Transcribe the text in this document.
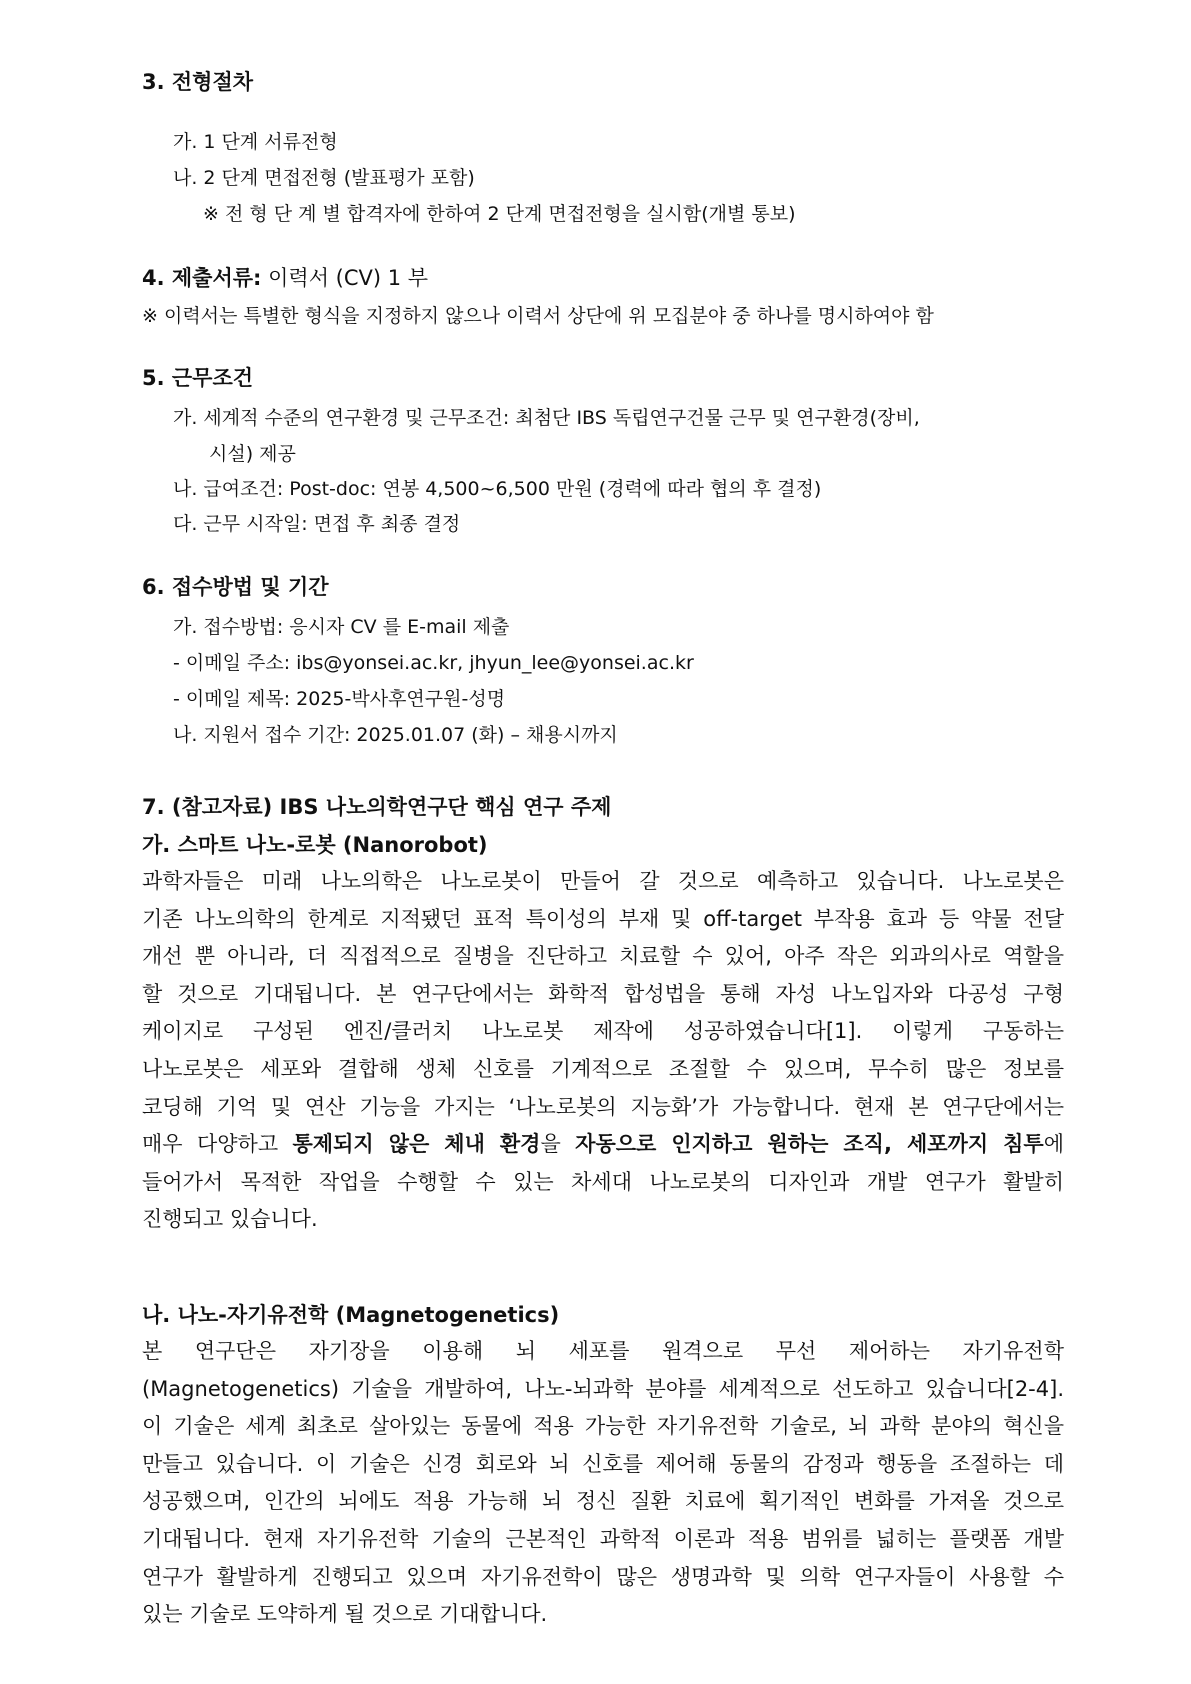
3. 전형절차
가. 1 단계 서류전형
나. 2 단계 면접전형 (발표평가 포함)
※ 전 형 단 계 별 합격자에 한하여 2 단계 면접전형을 실시함(개별 통보)
4. 제출서류: 이력서 (CV) 1 부
※ 이력서는 특별한 형식을 지정하지 않으나 이력서 상단에 위 모집분야 중 하나를 명시하여야 함
5. 근무조건
가. 세계적 수준의 연구환경 및 근무조건: 최첨단 IBS 독립연구건물 근무 및 연구환경(장비,
시설) 제공
나. 급여조건: Post-doc: 연봉 4,500~6,500 만원 (경력에 따라 협의 후 결정)
다. 근무 시작일: 면접 후 최종 결정
6. 접수방법 및 기간
가. 접수방법: 응시자 CV 를 E-mail 제출
- 이메일 주소: ibs@yonsei.ac.kr, jhyun_lee@yonsei.ac.kr
- 이메일 제목: 2025-박사후연구원-성명
나. 지원서 접수 기간: 2025.01.07 (화) – 채용시까지
7. (참고자료) IBS 나노의학연구단 핵심 연구 주제
가. 스마트 나노-로봇 (Nanorobot)
과학자들은 미래 나노의학은 나노로봇이 만들어 갈 것으로 예측하고 있습니다. 나노로봇은
기존 나노의학의 한계로 지적됐던 표적 특이성의 부재 및 off-target 부작용 효과 등 약물 전달
개선 뿐 아니라, 더 직접적으로 질병을 진단하고 치료할 수 있어, 아주 작은 외과의사로 역할을
할 것으로 기대됩니다. 본 연구단에서는 화학적 합성법을 통해 자성 나노입자와 다공성 구형
케이지로 구성된 엔진/클러치 나노로봇 제작에 성공하였습니다[1]. 이렇게 구동하는
나노로봇은 세포와 결합해 생체 신호를 기계적으로 조절할 수 있으며, 무수히 많은 정보를
코딩해 기억 및 연산 기능을 가지는 ‘나노로봇의 지능화’가 가능합니다. 현재 본 연구단에서는
매우 다양하고 통제되지 않은 체내 환경을 자동으로 인지하고 원하는 조직, 세포까지 침투에
들어가서 목적한 작업을 수행할 수 있는 차세대 나노로봇의 디자인과 개발 연구가 활발히
진행되고 있습니다.
나. 나노-자기유전학 (Magnetogenetics)
본 연구단은 자기장을 이용해 뇌 세포를 원격으로 무선 제어하는 자기유전학
(Magnetogenetics) 기술을 개발하여, 나노-뇌과학 분야를 세계적으로 선도하고 있습니다[2-4].
이 기술은 세계 최초로 살아있는 동물에 적용 가능한 자기유전학 기술로, 뇌 과학 분야의 혁신을
만들고 있습니다. 이 기술은 신경 회로와 뇌 신호를 제어해 동물의 감정과 행동을 조절하는 데
성공했으며, 인간의 뇌에도 적용 가능해 뇌 정신 질환 치료에 획기적인 변화를 가져올 것으로
기대됩니다. 현재 자기유전학 기술의 근본적인 과학적 이론과 적용 범위를 넓히는 플랫폼 개발
연구가 활발하게 진행되고 있으며 자기유전학이 많은 생명과학 및 의학 연구자들이 사용할 수
있는 기술로 도약하게 될 것으로 기대합니다.
